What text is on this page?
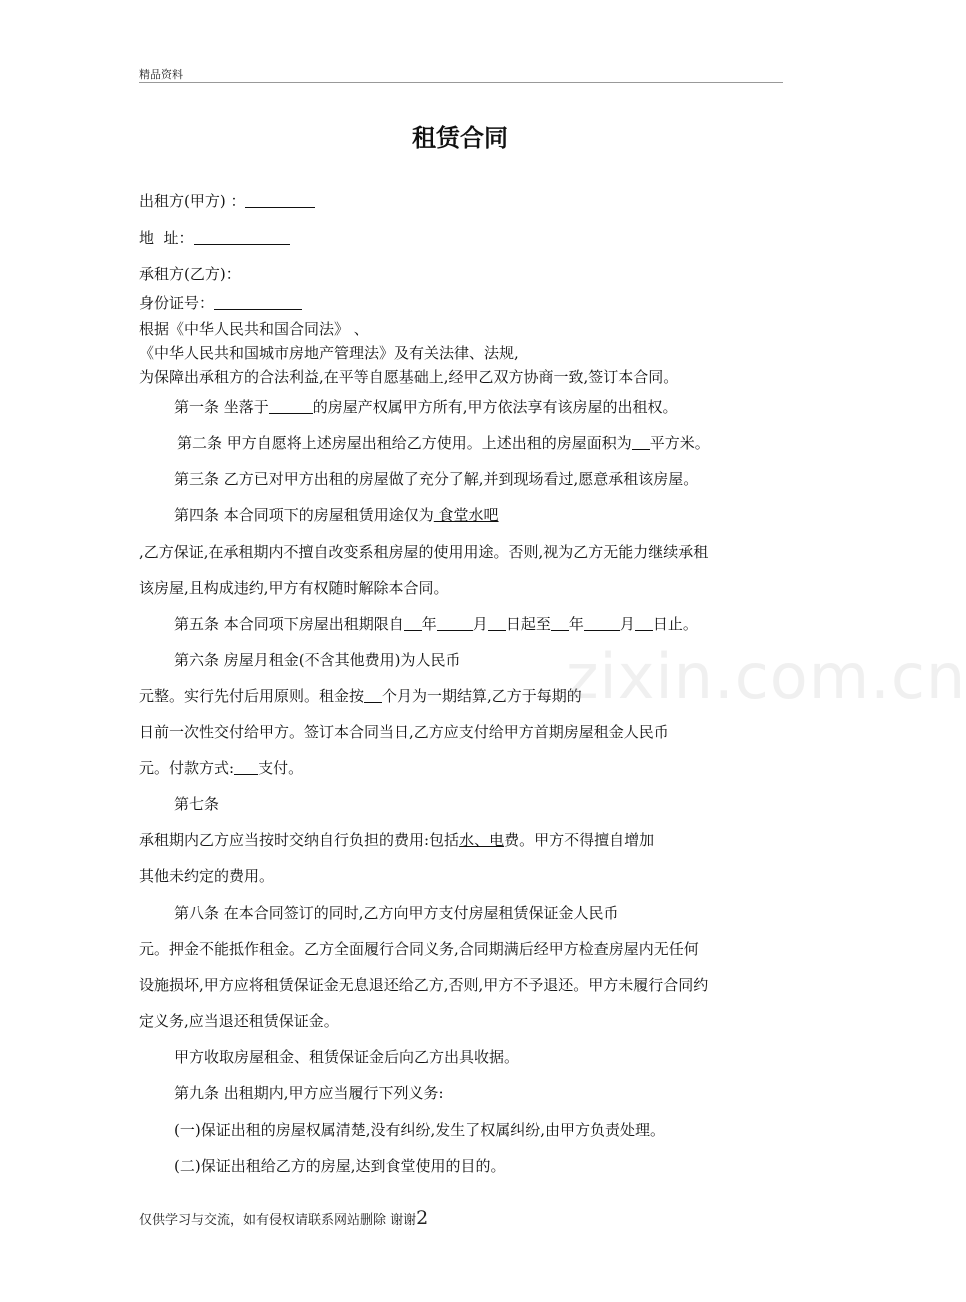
精品资料
租赁合同
出租方(甲方) ：
地  址：
承租方(乙方)：
身份证号：
根据《中华人民共和国合同法》 、
《中华人民共和国城市房地产管理法》及有关法律、法规,
为保障出承租方的合法利益,在平等自愿基础上,经甲乙双方协商一致,签订本合同。
第一条 坐落于	的房屋产权属甲方所有,甲方依法享有该房屋的出租权。
第二条 甲方自愿将上述房屋出租给乙方使用。上述出租的房屋面积为 平方米。
第三条 乙方已对甲方出租的房屋做了充分了解,并到现场看过,愿意承租该房屋。
第四条 本合同项下的房屋租赁用途仅为 食堂水吧
,乙方保证,在承租期内不擅自改变系租房屋的使用用途。否则,视为乙方无能力继续承租
该房屋,且构成违约,甲方有权随时解除本合同。
第五条 本合同项下房屋出租期限自 年 月 日起至 年 月 日止。
第六条 房屋月租金(不含其他费用)为人民币
元整。实行先付后用原则。租金按 个月为一期结算,乙方于每期的
日前一次性交付给甲方。签订本合同当日,乙方应支付给甲方首期房屋租金人民币
元。付款方式: 支付。
第七条
承租期内乙方应当按时交纳自行负担的费用:包括水、电费。甲方不得擅自增加
其他未约定的费用。
第八条 在本合同签订的同时,乙方向甲方支付房屋租赁保证金人民币
元。押金不能抵作租金。乙方全面履行合同义务,合同期满后经甲方检查房屋内无任何
设施损坏,甲方应将租赁保证金无息退还给乙方,否则,甲方不予退还。甲方未履行合同约
定义务,应当退还租赁保证金。
甲方收取房屋租金、租赁保证金后向乙方出具收据。
第九条 出租期内,甲方应当履行下列义务:
(一)保证出租的房屋权属清楚,没有纠纷,发生了权属纠纷,由甲方负责处理。
(二)保证出租给乙方的房屋,达到食堂使用的目的。
zixin.com.cn
仅供学习与交流，如有侵权请联系网站删除 谢谢2
